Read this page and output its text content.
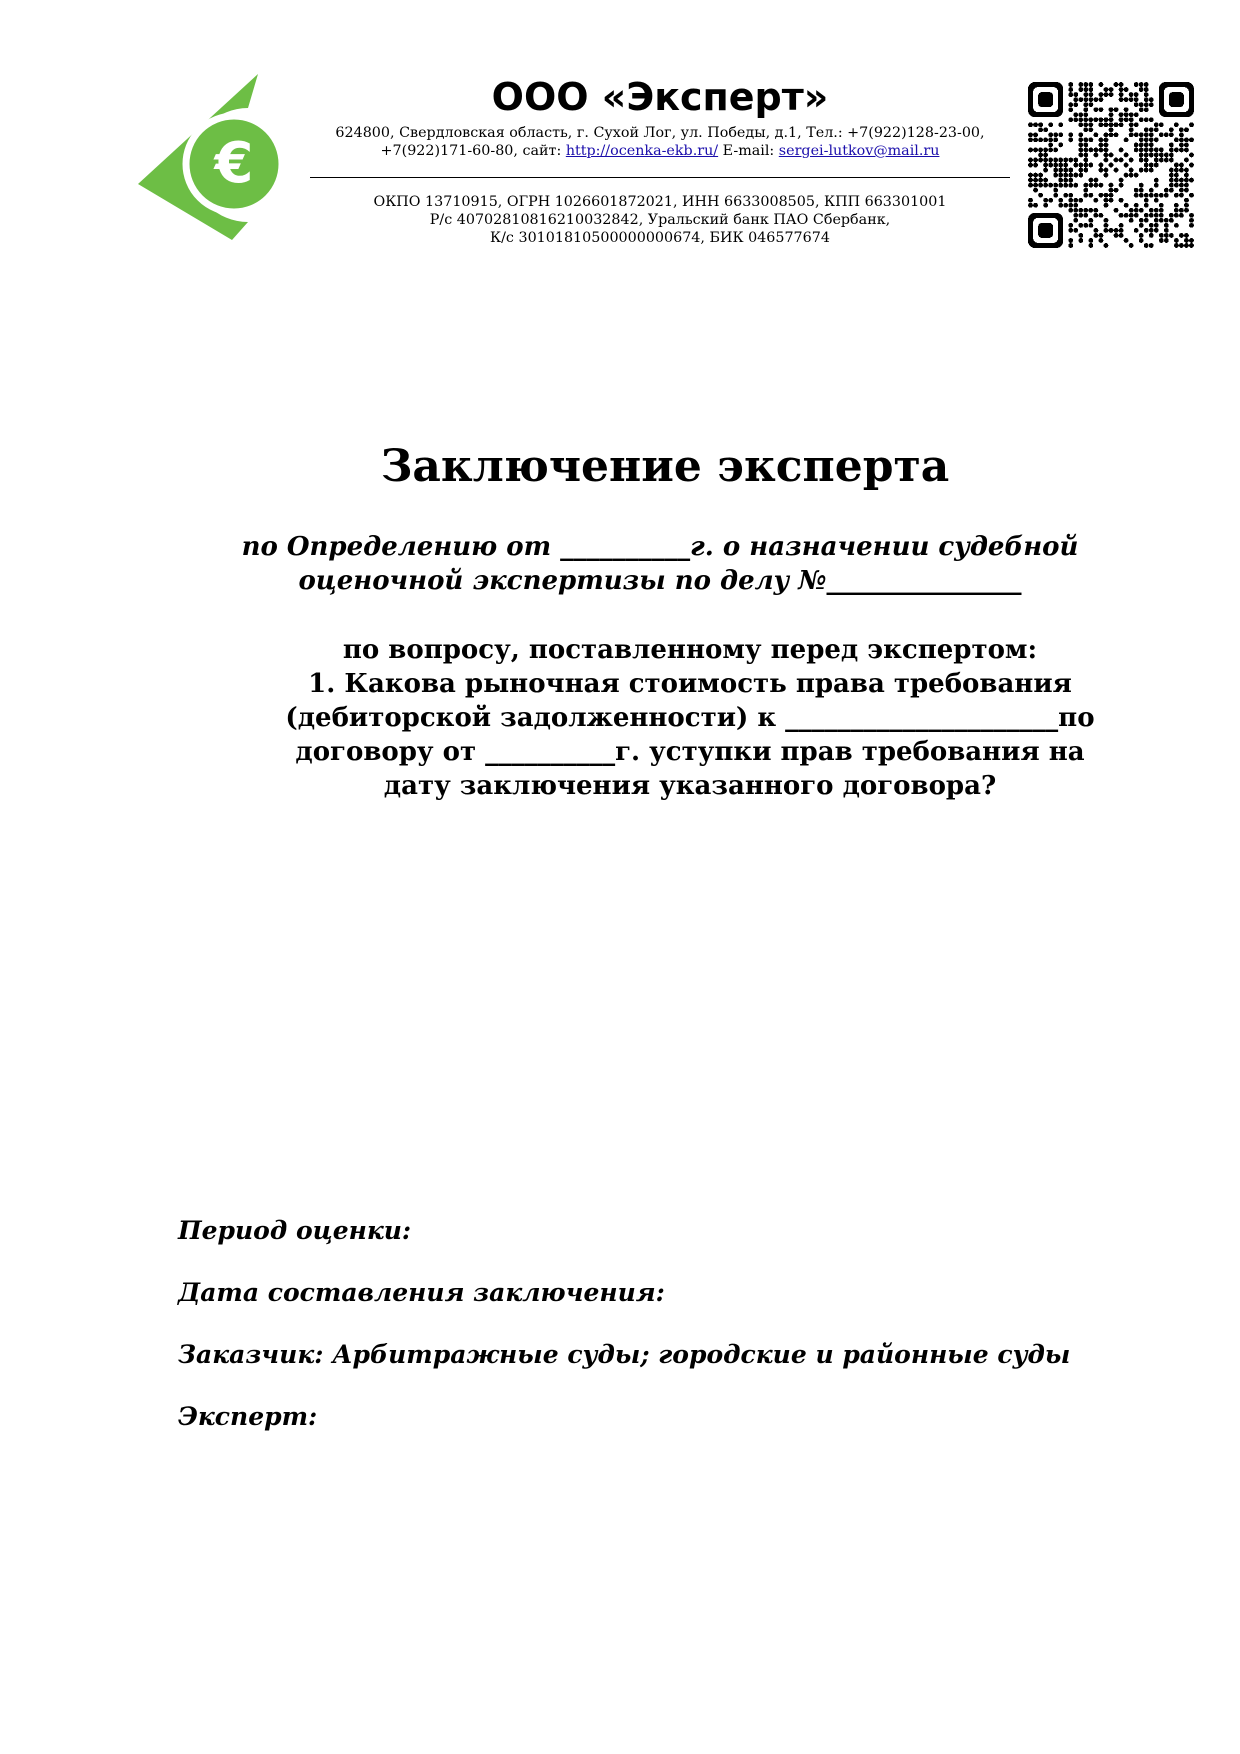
€
ООО «Эксперт»
624800, Свердловская область, г. Сухой Лог, ул. Победы, д.1, Тел.: +7(922)128-23-00,
+7(922)171-60-80, сайт: http://ocenka-ekb.ru/ E-mail: sergei-lutkov@mail.ru
ОКПО 13710915, ОГРН 1026601872021, ИНН 6633008505, КПП 663301001
Р/с 40702810816210032842, Уральский банк ПАО Сбербанк,
К/с 30101810500000000674, БИК 046577674
Заключение эксперта
по Определению от __________г. о назначении судебной
оценочной экспертизы по делу №_______________
по вопросу, поставленному перед экспертом:
1. Какова рыночная стоимость права требования
(дебиторской задолженности) к _____________________по
договору от __________г. уступки прав требования на
дату заключения указанного договора?

Период оценки:

Дата составления заключения:

Заказчик: Арбитражные суды; городские и районные суды

Эксперт:
